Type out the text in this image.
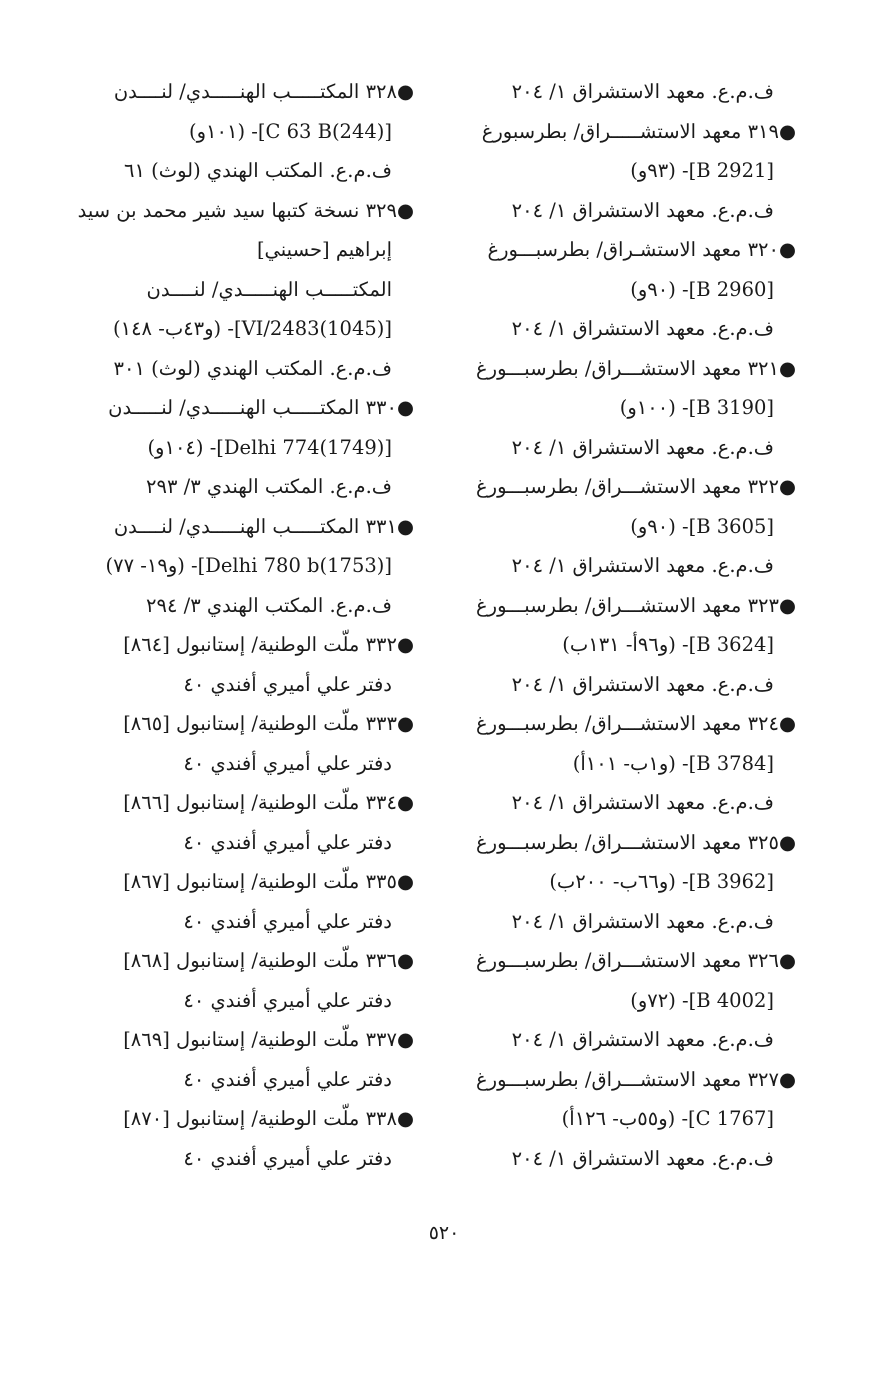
ف.م.ع. معهد الاستشراق ١/ ٢٠٤
●٣١٩ معهد الاستشـــــراق/ بطرسبورغ
[B 2921]- (٩٣و)
ف.م.ع. معهد الاستشراق ١/ ٢٠٤
●٣٢٠ معهد الاستشـراق/ بطرسبـــورغ
[B 2960]- (٩٠و)
ف.م.ع. معهد الاستشراق ١/ ٢٠٤
●٣٢١ معهد الاستشـــراق/ بطرسبـــورغ
[B 3190]- (١٠٠و)
ف.م.ع. معهد الاستشراق ١/ ٢٠٤
●٣٢٢ معهد الاستشـــراق/ بطرسبـــورغ
[B 3605]- (٩٠و)
ف.م.ع. معهد الاستشراق ١/ ٢٠٤
●٣٢٣ معهد الاستشـــراق/ بطرسبـــورغ
[B 3624]- (و٩٦أ- ١٣١ب)
ف.م.ع. معهد الاستشراق ١/ ٢٠٤
●٣٢٤ معهد الاستشـــراق/ بطرسبـــورغ
[B 3784]- (و١ب- ١٠١أ)
ف.م.ع. معهد الاستشراق ١/ ٢٠٤
●٣٢٥ معهد الاستشـــراق/ بطرسبـــورغ
[B 3962]- (و٦٦ب- ٢٠٠ب)
ف.م.ع. معهد الاستشراق ١/ ٢٠٤
●٣٢٦ معهد الاستشـــراق/ بطرسبـــورغ
[B 4002]- (٧٢و)
ف.م.ع. معهد الاستشراق ١/ ٢٠٤
●٣٢٧ معهد الاستشـــراق/ بطرسبـــورغ
[C 1767]- (و٥٥ب- ١٢٦أ)
ف.م.ع. معهد الاستشراق ١/ ٢٠٤
●٣٢٨ المكتـــــب الهنـــــدي/ لنــــدن
[C 63 B(244)]- (١٠١و)
ف.م.ع. المكتب الهندي (لوث) ٦١
●٣٢٩ نسخة كتبها سيد شير محمد بن سيد
إبراهيم [حسيني]
المكتـــــب الهنـــــدي/ لنــــدن
[VI/2483(1045)]- (و٤٣ب- ١٤٨)
ف.م.ع. المكتب الهندي (لوث) ٣٠١
●٣٣٠ المكتـــــب الهنـــــدي/ لنـــــدن
[Delhi 774(1749)]- (١٠٤و)
ف.م.ع. المكتب الهندي ٣/ ٢٩٣
●٣٣١ المكتـــــب الهنـــــدي/ لنــــدن
[Delhi 780 b(1753)]- (و١٩- ٧٧)
ف.م.ع. المكتب الهندي ٣/ ٢٩٤
●٣٣٢ ملّت الوطنية/ إستانبول [٨٦٤]
دفتر علي أميري أفندي ٤٠
●٣٣٣ ملّت الوطنية/ إستانبول [٨٦٥]
دفتر علي أميري أفندي ٤٠
●٣٣٤ ملّت الوطنية/ إستانبول [٨٦٦]
دفتر علي أميري أفندي ٤٠
●٣٣٥ ملّت الوطنية/ إستانبول [٨٦٧]
دفتر علي أميري أفندي ٤٠
●٣٣٦ ملّت الوطنية/ إستانبول [٨٦٨]
دفتر علي أميري أفندي ٤٠
●٣٣٧ ملّت الوطنية/ إستانبول [٨٦٩]
دفتر علي أميري أفندي ٤٠
●٣٣٨ ملّت الوطنية/ إستانبول [٨٧٠]
دفتر علي أميري أفندي ٤٠
٥٢٠
